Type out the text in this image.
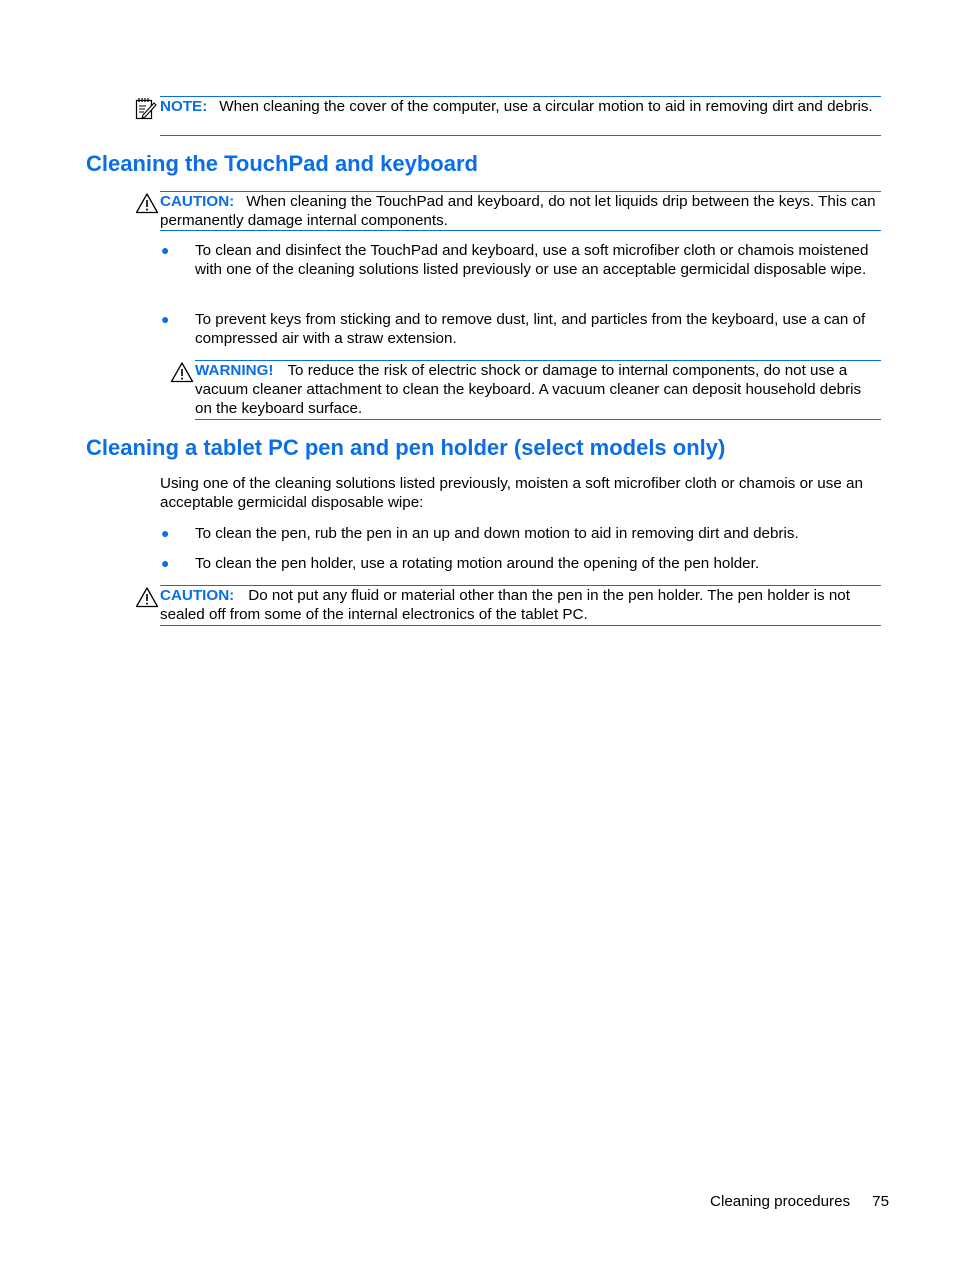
NOTE: When cleaning the cover of the computer, use a circular motion to aid in removing dirt and debris.
Cleaning the TouchPad and keyboard
CAUTION: When cleaning the TouchPad and keyboard, do not let liquids drip between the keys. This can permanently damage internal components.
● To clean and disinfect the TouchPad and keyboard, use a soft microfiber cloth or chamois moistened with one of the cleaning solutions listed previously or use an acceptable germicidal disposable wipe.
● To prevent keys from sticking and to remove dust, lint, and particles from the keyboard, use a can of compressed air with a straw extension.
WARNING! To reduce the risk of electric shock or damage to internal components, do not use a vacuum cleaner attachment to clean the keyboard. A vacuum cleaner can deposit household debris on the keyboard surface.
Cleaning a tablet PC pen and pen holder (select models only)
Using one of the cleaning solutions listed previously, moisten a soft microfiber cloth or chamois or use an acceptable germicidal disposable wipe:
● To clean the pen, rub the pen in an up and down motion to aid in removing dirt and debris.
● To clean the pen holder, use a rotating motion around the opening of the pen holder.
CAUTION: Do not put any fluid or material other than the pen in the pen holder. The pen holder is not sealed off from some of the internal electronics of the tablet PC.
Cleaning procedures 75
